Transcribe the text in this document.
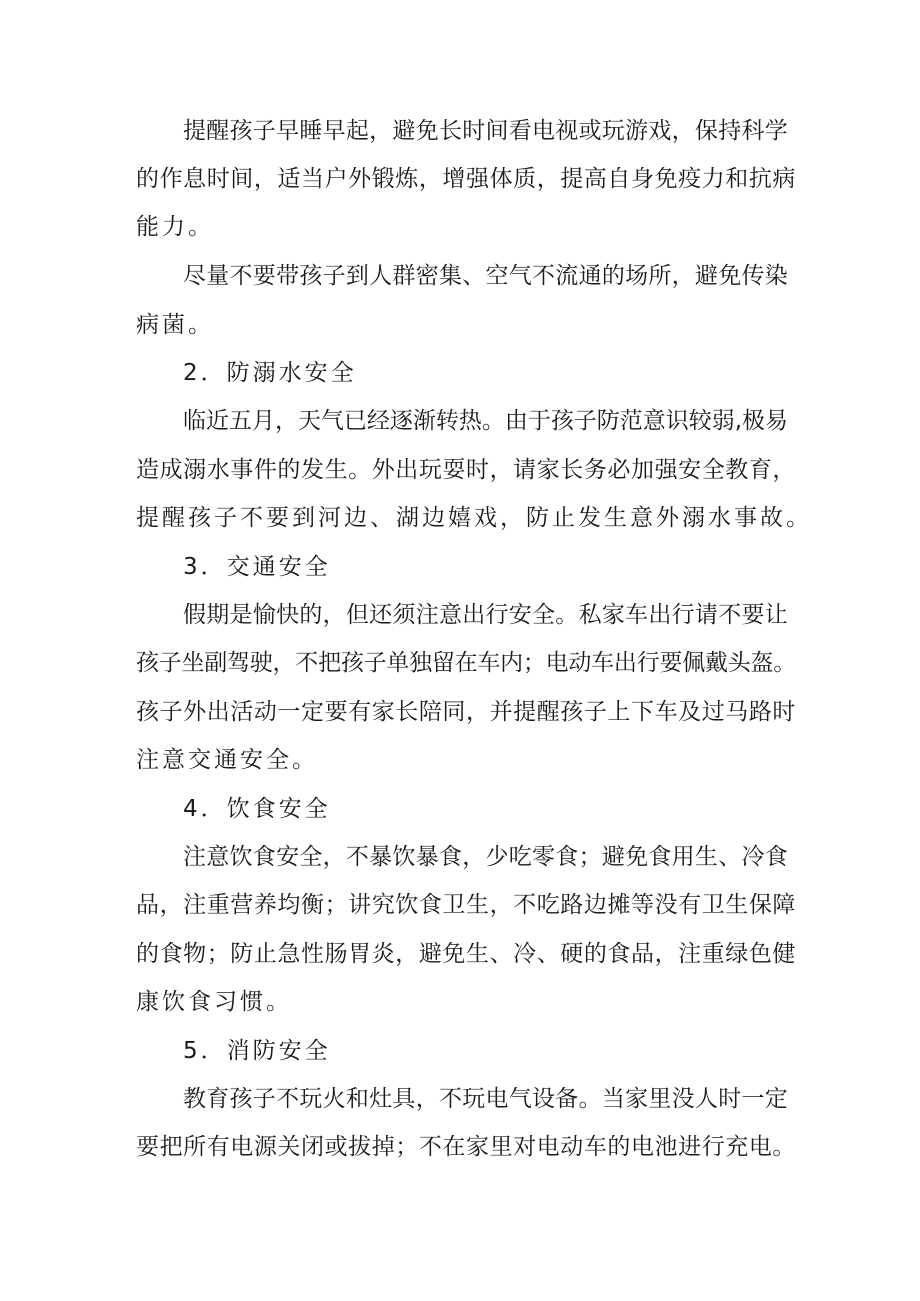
提醒孩子早睡早起，避免长时间看电视或玩游戏，保持科学

的作息时间，适当户外锻炼，增强体质，提高自身免疫力和抗病

能力。

尽量不要带孩子到人群密集、空气不流通的场所，避免传染

病菌。

2．防溺水安全

临近五月，天气已经逐渐转热。由于孩子防范意识较弱,极易

造成溺水事件的发生。外出玩耍时，请家长务必加强安全教育，

提醒孩子不要到河边、湖边嬉戏，防止发生意外溺水事故。

3．交通安全

假期是愉快的，但还须注意出行安全。私家车出行请不要让

孩子坐副驾驶，不把孩子单独留在车内；电动车出行要佩戴头盔。

孩子外出活动一定要有家长陪同，并提醒孩子上下车及过马路时

注意交通安全。

4．饮食安全

注意饮食安全，不暴饮暴食，少吃零食；避免食用生、冷食

品，注重营养均衡；讲究饮食卫生，不吃路边摊等没有卫生保障

的食物；防止急性肠胃炎，避免生、冷、硬的食品，注重绿色健

康饮食习惯。

5．消防安全

教育孩子不玩火和灶具，不玩电气设备。当家里没人时一定

要把所有电源关闭或拔掉；不在家里对电动车的电池进行充电。
